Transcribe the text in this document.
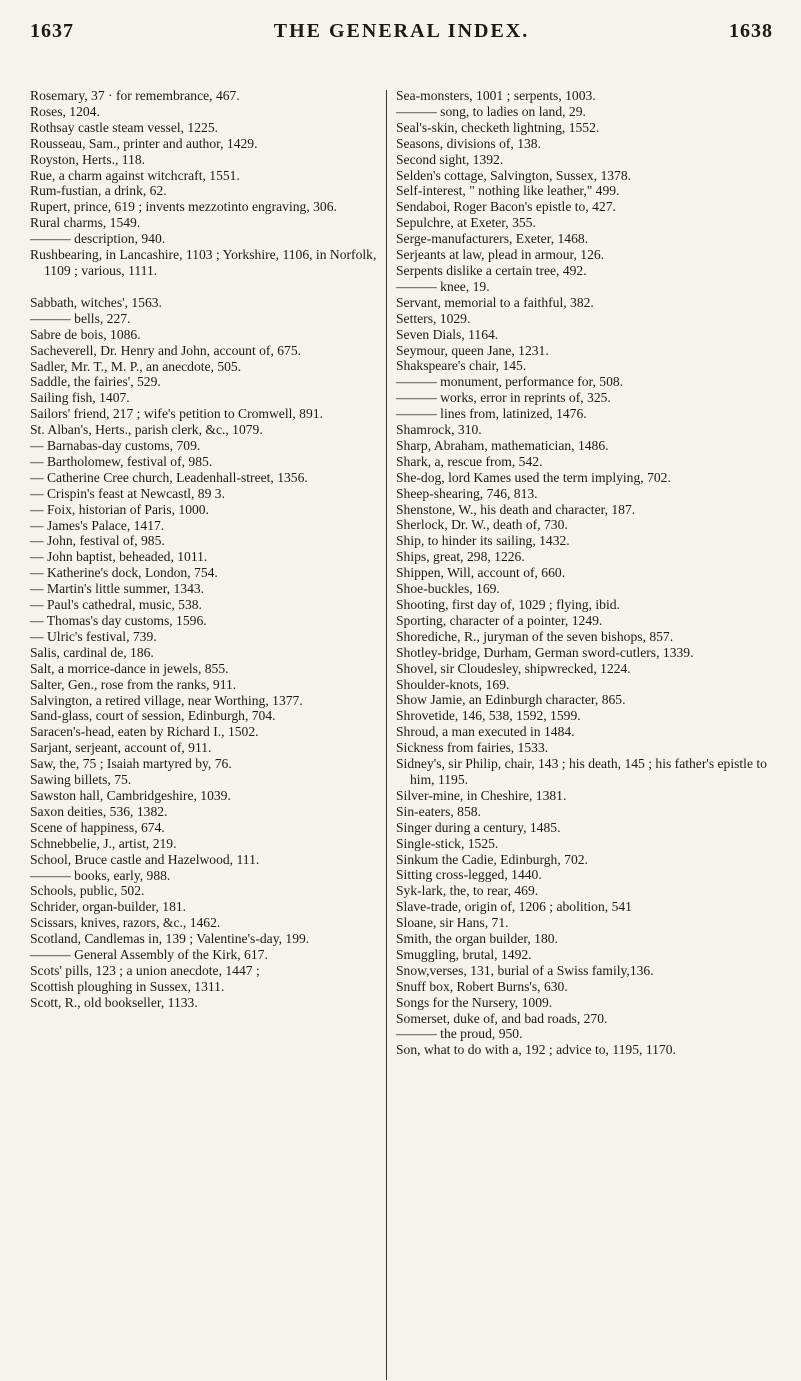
THE GENERAL INDEX.
1637	1638
Rosemary, 37 · for remembrance, 467.
Roses, 1204.
Rothsay castle steam vessel, 1225.
Rousseau, Sam., printer and author, 1429.
Royston, Herts., 118.
Rue, a charm against witchcraft, 1551.
Rum-fustian, a drink, 62.
Rupert, prince, 619 ; invents mezzotinto engraving, 306.
Rural charms, 1549.
——— description, 940.
Rushbearing, in Lancashire, 1103 ; Yorkshire, 1106, in Norfolk, 1109 ; various, 1111.
Sabbath, witches', 1563.
——— bells, 227.
Sabre de bois, 1086.
Sacheverell, Dr. Henry and John, account of, 675.
Sadler, Mr. T., M. P., an anecdote, 505.
Saddle, the fairies', 529.
Sailing fish, 1407.
Sailors' friend, 217 ; wife's petition to Cromwell, 891.
St. Alban's, Herts., parish clerk, &c., 1079.
— Barnabas-day customs, 709.
— Bartholomew, festival of, 985.
— Catherine Cree church, Leadenhall-street, 1356.
— Crispin's feast at Newcastl, 89 3.
— Foix, historian of Paris, 1000.
— James's Palace, 1417.
— John, festival of, 985.
— John baptist, beheaded, 1011.
— Katherine's dock, London, 754.
— Martin's little summer, 1343.
— Paul's cathedral, music, 538.
— Thomas's day customs, 1596.
— Ulric's festival, 739.
Salis, cardinal de, 186.
Salt, a morrice-dance in jewels, 855.
Salter, Gen., rose from the ranks, 911.
Salvington, a retired village, near Worthing, 1377.
Sand-glass, court of session, Edinburgh, 704.
Saracen's-head, eaten by Richard I., 1502.
Sarjant, serjeant, account of, 911.
Saw, the, 75 ; Isaiah martyred by, 76.
Sawing billets, 75.
Sawston hall, Cambridgeshire, 1039.
Saxon deities, 536, 1382.
Scene of happiness, 674.
Schnebbelie, J., artist, 219.
School, Bruce castle and Hazelwood, 111.
——— books, early, 988.
Schools, public, 502.
Schrider, organ-builder, 181.
Scissars, knives, razors, &c., 1462.
Scotland, Candlemas in, 139 ; Valentine's-day, 199.
——— General Assembly of the Kirk, 617.
Scots' pills, 123 ; a union anecdote, 1447 ;
Scottish ploughing in Sussex, 1311.
Scott, R., old bookseller, 1133.
Sea-monsters, 1001 ; serpents, 1003.
——— song, to ladies on land, 29.
Seal's-skin, checketh lightning, 1552.
Seasons, divisions of, 138.
Second sight, 1392.
Selden's cottage, Salvington, Sussex, 1378.
Self-interest, " nothing like leather," 499.
Sendaboi, Roger Bacon's epistle to, 427.
Sepulchre, at Exeter, 355.
Serge-manufacturers, Exeter, 1468.
Serjeants at law, plead in armour, 126.
Serpents dislike a certain tree, 492.
——— knee, 19.
Servant, memorial to a faithful, 382.
Setters, 1029.
Seven Dials, 1164.
Seymour, queen Jane, 1231.
Shakspeare's chair, 145.
——— monument, performance for, 508.
——— works, error in reprints of, 325.
——— lines from, latinized, 1476.
Shamrock, 310.
Sharp, Abraham, mathematician, 1486.
Shark, a, rescue from, 542.
She-dog, lord Kames used the term implying, 702.
Sheep-shearing, 746, 813.
Shenstone, W., his death and character, 187.
Sherlock, Dr. W., death of, 730.
Ship, to hinder its sailing, 1432.
Ships, great, 298, 1226.
Shippen, Will, account of, 660.
Shoe-buckles, 169.
Shooting, first day of, 1029 ; flying, ibid.
Sporting, character of a pointer, 1249.
Shorediche, R., juryman of the seven bishops, 857.
Shotley-bridge, Durham, German sword-cutlers, 1339.
Shovel, sir Cloudesley, shipwrecked, 1224.
Shoulder-knots, 169.
Show Jamie, an Edinburgh character, 865.
Shrovetide, 146, 538, 1592, 1599.
Shroud, a man executed in 1484.
Sickness from fairies, 1533.
Sidney's, sir Philip, chair, 143 ; his death, 145 ; his father's epistle to him, 1195.
Silver-mine, in Cheshire, 1381.
Sin-eaters, 858.
Singer during a century, 1485.
Single-stick, 1525.
Sinkum the Cadie, Edinburgh, 702.
Sitting cross-legged, 1440.
Syk-lark, the, to rear, 469.
Slave-trade, origin of, 1206 ; abolition, 541
Sloane, sir Hans, 71.
Smith, the organ builder, 180.
Smuggling, brutal, 1492.
Snow,verses, 131, burial of a Swiss family,136.
Snuff box, Robert Burns's, 630.
Songs for the Nursery, 1009.
Somerset, duke of, and bad roads, 270.
——— the proud, 950.
Son, what to do with a, 192 ; advice to, 1195, 1170.
